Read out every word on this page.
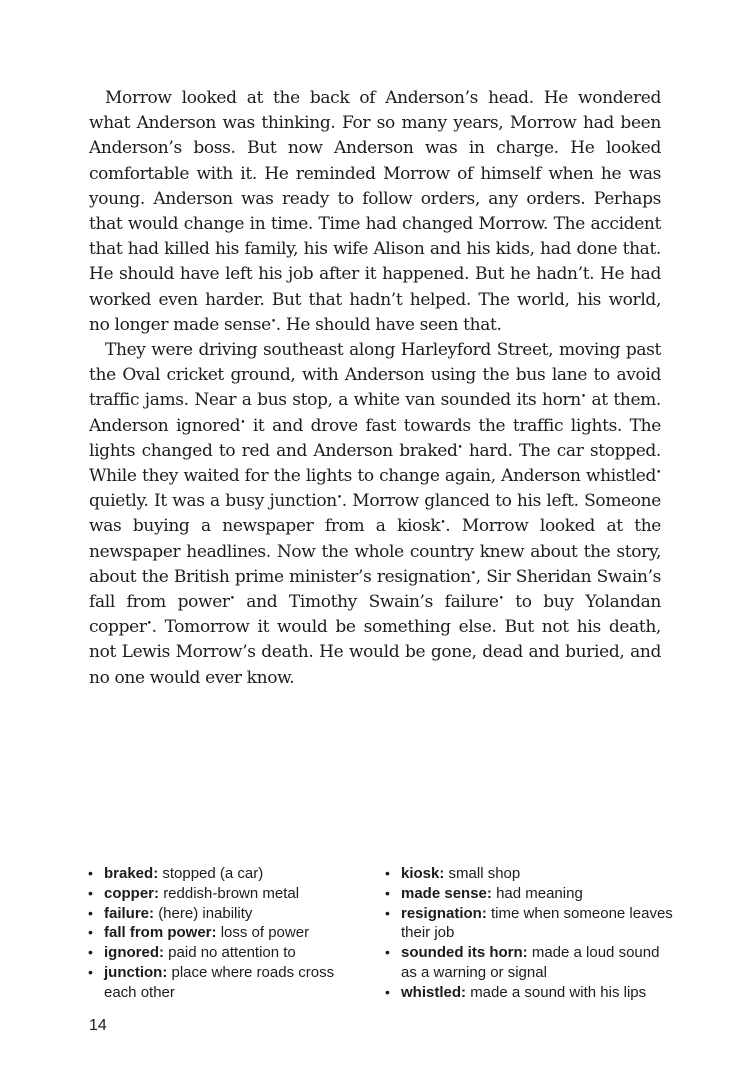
Morrow looked at the back of Anderson’s head. He wondered what Anderson was thinking. For so many years, Morrow had been Anderson’s boss. But now Anderson was in charge. He looked comfortable with it. He reminded Morrow of himself when he was young. Anderson was ready to follow orders, any orders. Perhaps that would change in time. Time had changed Morrow. The accident that had killed his family, his wife Alison and his kids, had done that. He should have left his job after it happened. But he hadn’t. He had worked even harder. But that hadn’t helped. The world, his world, no longer made sense•. He should have seen that.

They were driving southeast along Harleyford Street, moving past the Oval cricket ground, with Anderson using the bus lane to avoid traffic jams. Near a bus stop, a white van sounded its horn• at them. Anderson ignored• it and drove fast towards the traffic lights. The lights changed to red and Anderson braked• hard. The car stopped. While they waited for the lights to change again, Anderson whistled• quietly. It was a busy junction•. Morrow glanced to his left. Someone was buying a newspaper from a kiosk•. Morrow looked at the newspaper headlines. Now the whole country knew about the story, about the British prime minister’s resignation•, Sir Sheridan Swain’s fall from power• and Timothy Swain’s failure• to buy Yolandan copper•. Tomorrow it would be something else. But not his death, not Lewis Morrow’s death. He would be gone, dead and buried, and no one would ever know.

• braked: stopped (a car)
• copper: reddish-brown metal
• failure: (here) inability
• fall from power: loss of power
• ignored: paid no attention to
• junction: place where roads cross each other
• kiosk: small shop
• made sense: had meaning
• resignation: time when someone leaves their job
• sounded its horn: made a loud sound as a warning or signal
• whistled: made a sound with his lips
14
